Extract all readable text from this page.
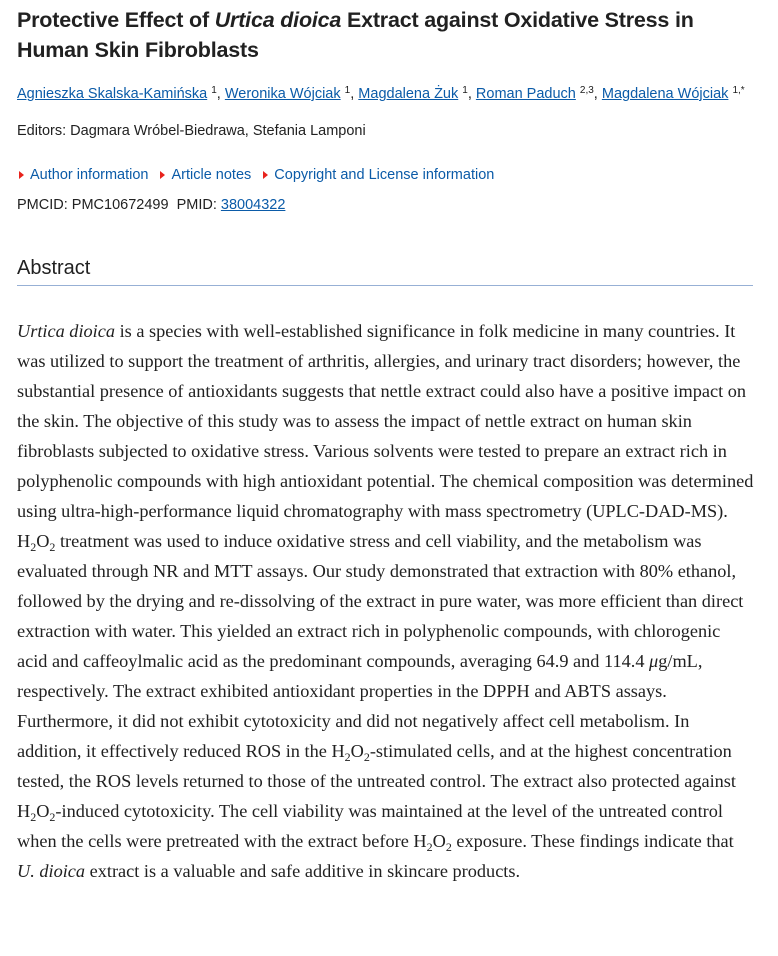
Protective Effect of Urtica dioica Extract against Oxidative Stress in Human Skin Fibroblasts
Agnieszka Skalska-Kamińska $^1$, Weronika Wójciak $^1$, Magdalena Żuk $^1$, Roman Paduch $^{2,3}$, Magdalena Wójciak $^{1,*}$
Editors: Dagmara Wróbel-Biedrawa, Stefania Lamponi
Author information Article notes Copyright and License information
PMCID: PMC10672499 PMID: 38004322
Abstract

Urtica dioica is a species with well-established significance in folk medicine in many countries. It was utilized to support the treatment of arthritis, allergies, and urinary tract disorders; however, the substantial presence of antioxidants suggests that nettle extract could also have a positive impact on the skin. The objective of this study was to assess the impact of nettle extract on human skin fibroblasts subjected to oxidative stress. Various solvents were tested to prepare an extract rich in polyphenolic compounds with high antioxidant potential. The chemical composition was determined using ultra-high-performance liquid chromatography with mass spectrometry (UPLC-DAD-MS). $H_2O_2$ treatment was used to induce oxidative stress and cell viability, and the metabolism was evaluated through NR and MTT assays. Our study demonstrated that extraction with 80% ethanol, followed by the drying and re-dissolving of the extract in pure water, was more efficient than direct extraction with water. This yielded an extract rich in polyphenolic compounds, with chlorogenic acid and caffeoylmalic acid as the predominant compounds, averaging 64.9 and 114.4 μg/mL, respectively. The extract exhibited antioxidant properties in the DPPH and ABTS assays. Furthermore, it did not exhibit cytotoxicity and did not negatively affect cell metabolism. In addition, it effectively reduced ROS in the $H_2O_2$-stimulated cells, and at the highest concentration tested, the ROS levels returned to those of the untreated control. The extract also protected against $H_2O_2$-induced cytotoxicity. The cell viability was maintained at the level of the untreated control when the cells were pretreated with the extract before $H_2O_2$ exposure. These findings indicate that U. dioica extract is a valuable and safe additive in skincare products.
